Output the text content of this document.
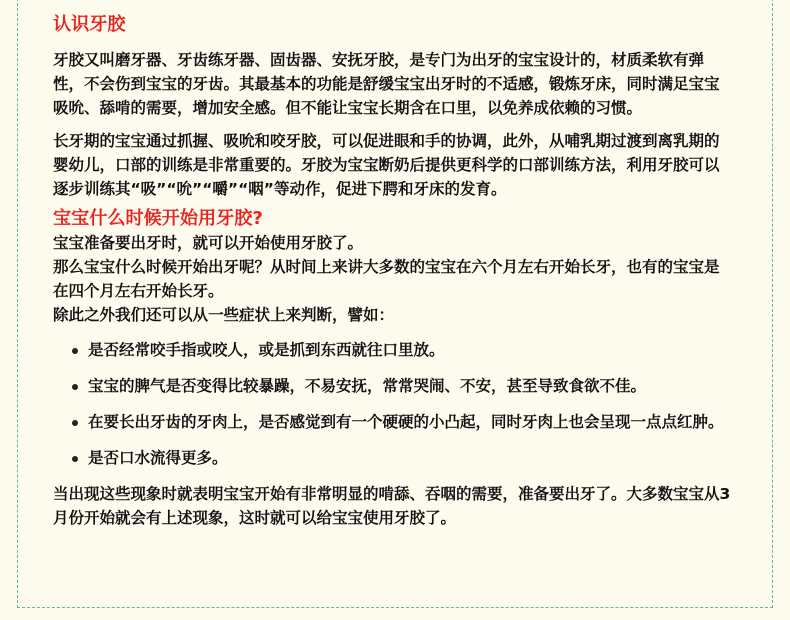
认识牙胶

牙胶又叫磨牙器、牙齿练牙器、固齿器、安抚牙胶，是专门为出牙的宝宝设计的，材质柔软有弹性，不会伤到宝宝的牙齿。其最基本的功能是舒缓宝宝出牙时的不适感，锻炼牙床，同时满足宝宝吸吮、舔啃的需要，增加安全感。但不能让宝宝长期含在口里，以免养成依赖的习惯。

长牙期的宝宝通过抓握、吸吮和咬牙胶，可以促进眼和手的协调，此外，从哺乳期过渡到离乳期的婴幼儿，口部的训练是非常重要的。牙胶为宝宝断奶后提供更科学的口部训练方法，利用牙胶可以逐步训练其“吸”“吮”“嚼”“咽”等动作，促进下腭和牙床的发育。

宝宝什么时候开始用牙胶?

宝宝准备要出牙时，就可以开始使用牙胶了。

那么宝宝什么时候开始出牙呢？从时间上来讲大多数的宝宝在六个月左右开始长牙，也有的宝宝是在四个月左右开始长牙。

除此之外我们还可以从一些症状上来判断，譬如：

是否经常咬手指或咬人，或是抓到东西就往口里放。
宝宝的脾气是否变得比较暴躁，不易安抚，常常哭闹、不安，甚至导致食欲不佳。
在要长出牙齿的牙肉上，是否感觉到有一个硬硬的小凸起，同时牙肉上也会呈现一点点红肿。
是否口水流得更多。

当出现这些现象时就表明宝宝开始有非常明显的啃舔、吞咽的需要，准备要出牙了。大多数宝宝从3月份开始就会有上述现象，这时就可以给宝宝使用牙胶了。
